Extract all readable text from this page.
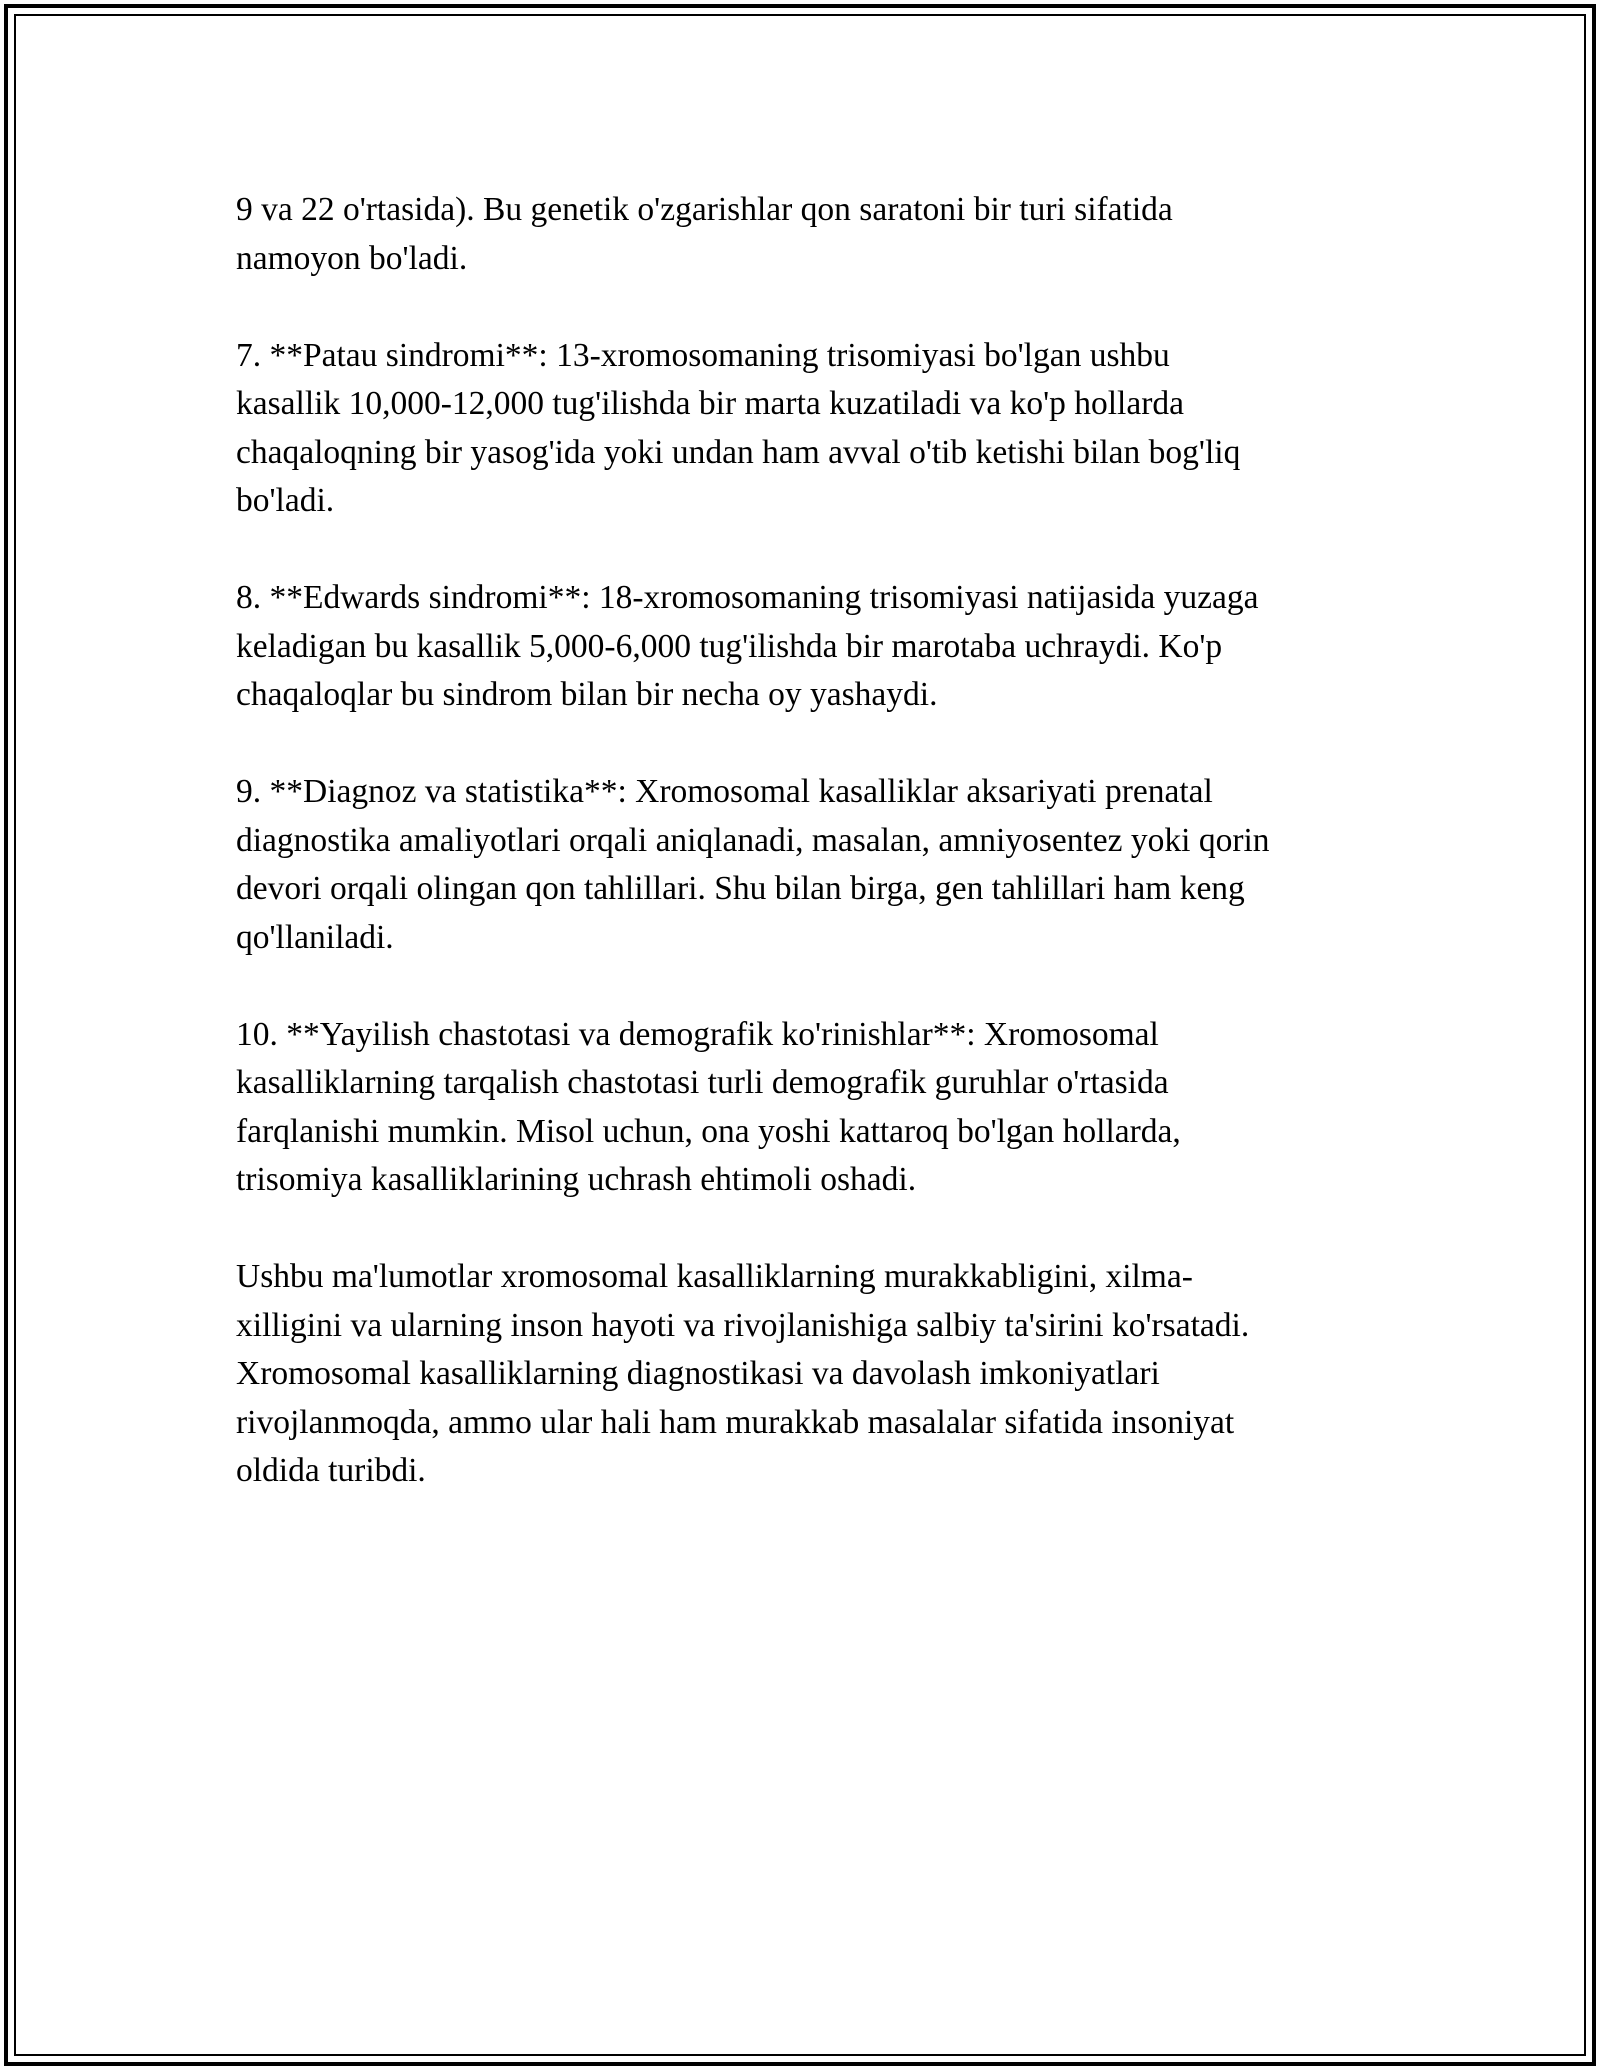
9 va 22 o'rtasida). Bu genetik o'zgarishlar qon saratoni bir turi sifatida
namoyon bo'ladi.

7. **Patau sindromi**: 13-xromosomaning trisomiyasi bo'lgan ushbu
kasallik 10,000-12,000 tug'ilishda bir marta kuzatiladi va ko'p hollarda
chaqaloqning bir yasog'ida yoki undan ham avval o'tib ketishi bilan bog'liq
bo'ladi.

8. **Edwards sindromi**: 18-xromosomaning trisomiyasi natijasida yuzaga
keladigan bu kasallik 5,000-6,000 tug'ilishda bir marotaba uchraydi. Ko'p
chaqaloqlar bu sindrom bilan bir necha oy yashaydi.

9. **Diagnoz va statistika**: Xromosomal kasalliklar aksariyati prenatal
diagnostika amaliyotlari orqali aniqlanadi, masalan, amniyosentez yoki qorin
devori orqali olingan qon tahlillari. Shu bilan birga, gen tahlillari ham keng
qo'llaniladi.

10. **Yayilish chastotasi va demografik ko'rinishlar**: Xromosomal
kasalliklarning tarqalish chastotasi turli demografik guruhlar o'rtasida
farqlanishi mumkin. Misol uchun, ona yoshi kattaroq bo'lgan hollarda,
trisomiya kasalliklarining uchrash ehtimoli oshadi.

Ushbu ma'lumotlar xromosomal kasalliklarning murakkabligini, xilma-
xilligini va ularning inson hayoti va rivojlanishiga salbiy ta'sirini ko'rsatadi.
Xromosomal kasalliklarning diagnostikasi va davolash imkoniyatlari
rivojlanmoqda, ammo ular hali ham murakkab masalalar sifatida insoniyat
oldida turibdi.
